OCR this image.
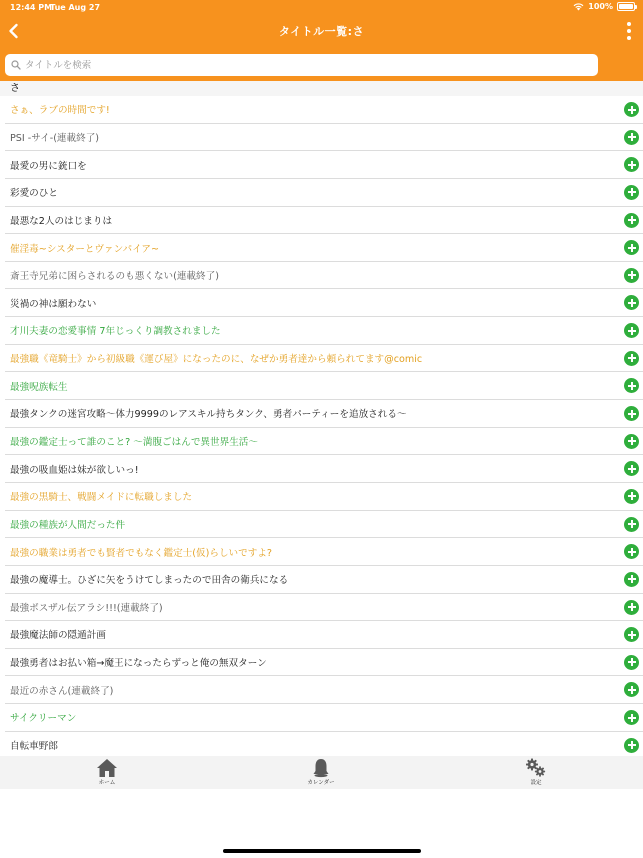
12:44 PM
Tue Aug 27	100%
タイトル一覧:さ
タイトルを検索
さ
さぁ、ラブの時間です!
PSI -サイ-(連載終了)
最愛の男に銃口を
彩愛のひと
最悪な2人のはじまりは
催淫毒~シスターとヴァンパイア~
斎王寺兄弟に困らされるのも悪くない(連載終了)
災禍の神は願わない
才川夫妻の恋愛事情 7年じっくり調教されました
最強職《竜騎士》から初級職《運び屋》になったのに、なぜか勇者達から頼られてます@comic
最強呪族転生
最強タンクの迷宮攻略〜体力9999のレアスキル持ちタンク、勇者パーティーを追放される〜
最強の鑑定士って誰のこと? 〜満腹ごはんで異世界生活〜
最強の吸血姫は妹が欲しいっ!
最強の黒騎士、戦闘メイドに転職しました
最強の種族が人間だった件
最強の職業は勇者でも賢者でもなく鑑定士(仮)らしいですよ?
最強の魔導士。ひざに矢をうけてしまったので田舎の衛兵になる
最強ボスザル伝アラシ!!!(連載終了)
最強魔法師の隠遁計画
最強勇者はお払い箱→魔王になったらずっと俺の無双ターン
最近の赤さん(連載終了)
サイクリーマン
自転車野郎
ホーム	カレンダー	設定
